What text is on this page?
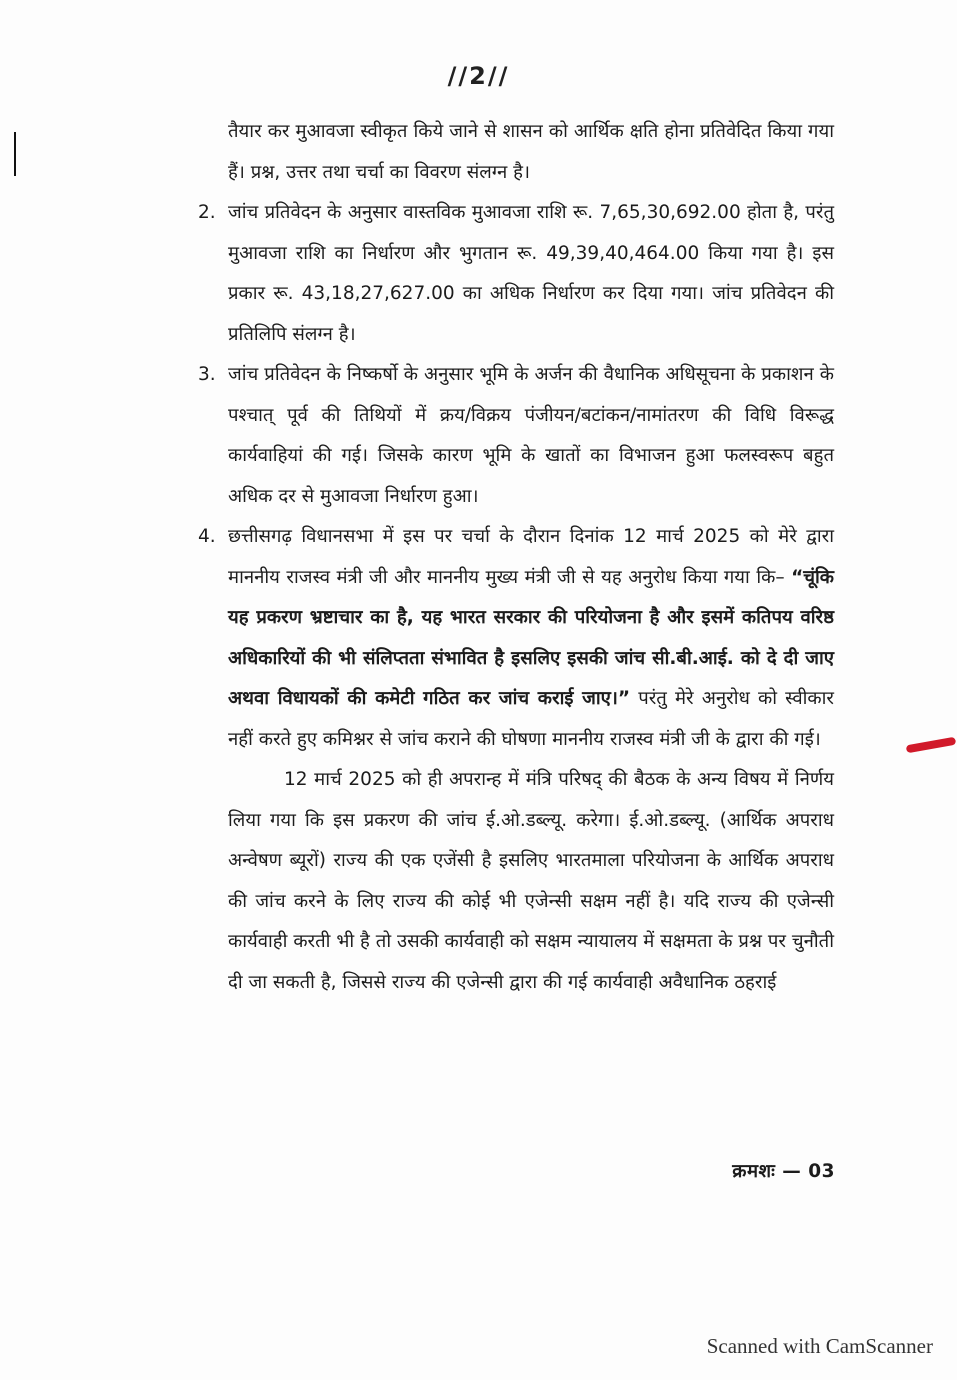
//2//

तैयार कर मुआवजा स्वीकृत किये जाने से शासन को आर्थिक क्षति होना प्रतिवेदित किया गया हैं। प्रश्न, उत्तर तथा चर्चा का विवरण संलग्न है।

2. जांच प्रतिवेदन के अनुसार वास्तविक मुआवजा राशि रू. 7,65,30,692.00 होता है, परंतु मुआवजा राशि का निर्धारण और भुगतान रू. 49,39,40,464.00 किया गया है। इस प्रकार रू. 43,18,27,627.00 का अधिक निर्धारण कर दिया गया। जांच प्रतिवेदन की प्रतिलिपि संलग्न है।

3. जांच प्रतिवेदन के निष्कर्षो के अनुसार भूमि के अर्जन की वैधानिक अधिसूचना के प्रकाशन के पश्चात् पूर्व की तिथियों में क्रय/विक्रय पंजीयन/बटांकन/नामांतरण की विधि विरूद्ध कार्यवाहियां की गई। जिसके कारण भूमि के खातों का विभाजन हुआ फलस्वरूप बहुत अधिक दर से मुआवजा निर्धारण हुआ।

4. छत्तीसगढ़ विधानसभा में इस पर चर्चा के दौरान दिनांक 12 मार्च 2025 को मेरे द्वारा माननीय राजस्व मंत्री जी और माननीय मुख्य मंत्री जी से यह अनुरोध किया गया कि– “चूंकि यह प्रकरण भ्रष्टाचार का है, यह भारत सरकार की परियोजना है और इसमें कतिपय वरिष्ठ अधिकारियों की भी संलिप्तता संभावित है इसलिए इसकी जांच सी.बी.आई. को दे दी जाए अथवा विधायकों की कमेटी गठित कर जांच कराई जाए।” परंतु मेरे अनुरोध को स्वीकार नहीं करते हुए कमिश्नर से जांच कराने की घोषणा माननीय राजस्व मंत्री जी के द्वारा की गई।

12 मार्च 2025 को ही अपरान्ह में मंत्रि परिषद् की बैठक के अन्य विषय में निर्णय लिया गया कि इस प्रकरण की जांच ई.ओ.डब्ल्यू. करेगा। ई.ओ.डब्ल्यू. (आर्थिक अपराध अन्वेषण ब्यूरों) राज्य की एक एजेंसी है इसलिए भारतमाला परियोजना के आर्थिक अपराध की जांच करने के लिए राज्य की कोई भी एजेन्सी सक्षम नहीं है। यदि राज्य की एजेन्सी कार्यवाही करती भी है तो उसकी कार्यवाही को सक्षम न्यायालय में सक्षमता के प्रश्न पर चुनौती दी जा सकती है, जिससे राज्य की एजेन्सी द्वारा की गई कार्यवाही अवैधानिक ठहराई

क्रमशः — 03
Scanned with CamScanner
